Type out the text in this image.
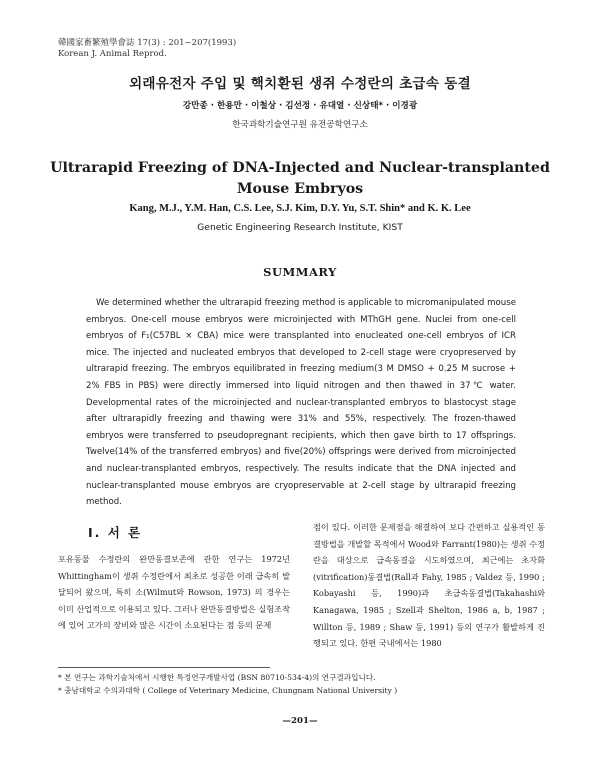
韓國家畜繁殖學會誌 17(3) : 201~207(1993)
Korean J. Animal Reprod.
외래유전자 주입 및 핵치환된 생쥐 수정란의 초급속 동결
강만종 · 한용만 · 이철상 · 김선정 · 유대열 · 신상태* · 이경광
한국과학기술연구원 유전공학연구소
Ultrarapid Freezing of DNA-Injected and Nuclear-transplanted
Mouse Embryos
Kang, M.J., Y.M. Han, C.S. Lee, S.J. Kim, D.Y. Yu, S.T. Shin* and K. K. Lee
Genetic Engineering Research Institute, KIST
SUMMARY

We determined whether the ultrarapid freezing method is applicable to micromanipulated mouse embryos. One-cell mouse embryos were microinjected with MThGH gene. Nuclei from one-cell embryos of F₁(C57BL × CBA) mice were transplanted into enucleated one-cell embryos of ICR mice. The injected and nucleated embryos that developed to 2-cell stage were cryopreserved by ultrarapid freezing. The embryos equilibrated in freezing medium(3 M DMSO + 0.25 M sucrose + 2% FBS in PBS) were directly immersed into liquid nitrogen and then thawed in 37℃ water. Developmental rates of the microinjected and nuclear-transplanted embryos to blastocyst stage after ultrarapidly freezing and thawing were 31% and 55%, respectively. The frozen-thawed embryos were transferred to pseudopregnant recipients, which then gave birth to 17 offsprings. Twelve(14% of the transferred embryos) and five(20%) offsprings were derived from microinjected and nuclear-transplanted embryos, respectively. The results indicate that the DNA injected and nuclear-transplanted mouse embryos are cryopreservable at 2-cell stage by ultrarapid freezing method.

I. 서 론

포유동물 수정란의 완만동결보존에 관한 연구는 1972년 Whittingham이 생쥐 수정란에서 최초로 성공한 이래 급속히 발달되어 왔으며, 특히 소(Wilmut와 Rowson, 1973) 의 경우는 이미 산업적으로 이용되고 있다. 그러나 완만동결방법은 실험조작에 있어 고가의 장비와 많은 시간이 소요된다는 점 등의 문제

점이 있다. 이러한 문제점을 해결하여 보다 간편하고 실용적인 동결방법을 개발할 목적에서 Wood와 Farrant(1980)는 생쥐 수정란을 대상으로 급속동결을 시도하였으며, 최근에는 초자화(vitrification)동결법(Rall과 Fahy, 1985 ; Valdez 등, 1990 ; Kobayashi 등, 1990)과 초급속동결법(Takahashi와 Kanagawa, 1985 ; Szell과 Shelton, 1986 a, b, 1987 ; Willton 등, 1989 ; Shaw 등, 1991) 등의 연구가 활발하게 진행되고 있다. 한편 국내에서는 1980

* 본 연구는 과학기술처에서 시행한 특정연구개발사업 (BSN 80710-534-4)의 연구결과입니다.
* 충남대학교 수의과대학 ( College of Veterinary Medicine, Chungnam National University )
—201—
